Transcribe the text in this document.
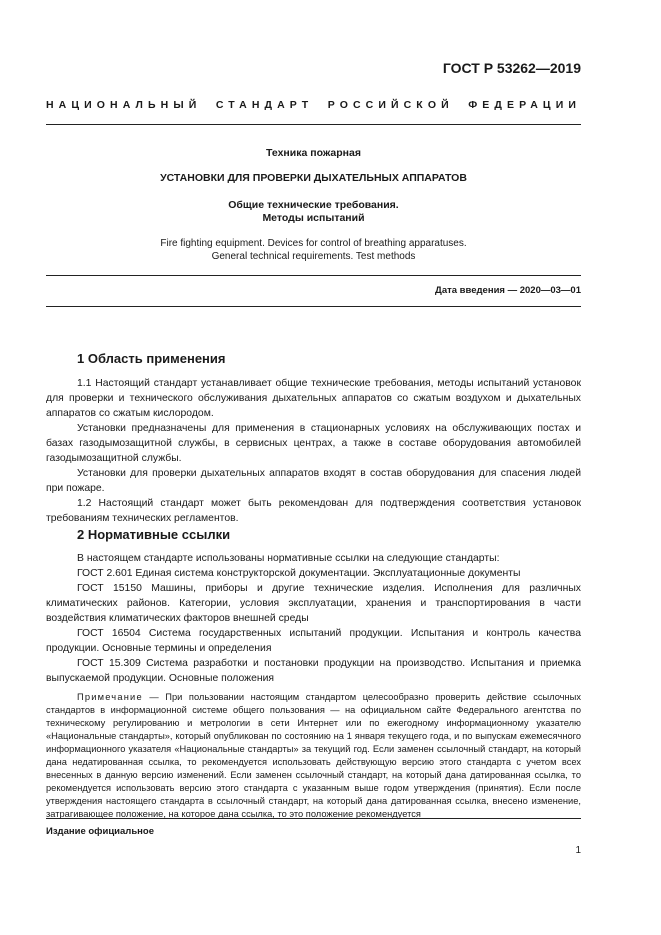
ГОСТ Р 53262—2019
НАЦИОНАЛЬНЫЙ СТАНДАРТ РОССИЙСКОЙ ФЕДЕРАЦИИ
Техника пожарная
УСТАНОВКИ ДЛЯ ПРОВЕРКИ ДЫХАТЕЛЬНЫХ АППАРАТОВ
Общие технические требования.
Методы испытаний
Fire fighting equipment. Devices for control of breathing apparatuses.
General technical requirements. Test methods
Дата введения — 2020—03—01
1 Область применения

1.1 Настоящий стандарт устанавливает общие технические требования, методы испытаний установок для проверки и технического обслуживания дыхательных аппаратов со сжатым воздухом и дыхательных аппаратов со сжатым кислородом.

Установки предназначены для применения в стационарных условиях на обслуживающих постах и базах газодымозащитной службы, в сервисных центрах, а также в составе оборудования автомобилей газодымозащитной службы.

Установки для проверки дыхательных аппаратов входят в состав оборудования для спасения людей при пожаре.

1.2 Настоящий стандарт может быть рекомендован для подтверждения соответствия установок требованиям технических регламентов.

2 Нормативные ссылки

В настоящем стандарте использованы нормативные ссылки на следующие стандарты:

ГОСТ 2.601 Единая система конструкторской документации. Эксплуатационные документы

ГОСТ 15150 Машины, приборы и другие технические изделия. Исполнения для различных климатических районов. Категории, условия эксплуатации, хранения и транспортирования в части воздействия климатических факторов внешней среды

ГОСТ 16504 Система государственных испытаний продукции. Испытания и контроль качества продукции. Основные термины и определения

ГОСТ 15.309 Система разработки и постановки продукции на производство. Испытания и приемка выпускаемой продукции. Основные положения

Примечание — При пользовании настоящим стандартом целесообразно проверить действие ссылочных стандартов в информационной системе общего пользования — на официальном сайте Федерального агентства по техническому регулированию и метрологии в сети Интернет или по ежегодному информационному указателю «Национальные стандарты», который опубликован по состоянию на 1 января текущего года, и по выпускам ежемесячного информационного указателя «Национальные стандарты» за текущий год. Если заменен ссылочный стандарт, на который дана недатированная ссылка, то рекомендуется использовать действующую версию этого стандарта с учетом всех внесенных в данную версию изменений. Если заменен ссылочный стандарт, на который дана датированная ссылка, то рекомендуется использовать версию этого стандарта с указанным выше годом утверждения (принятия). Если после утверждения настоящего стандарта в ссылочный стандарт, на который дана датированная ссылка, внесено изменение, затрагивающее положение, на которое дана ссылка, то это положение рекомендуется

Издание официальное
1
